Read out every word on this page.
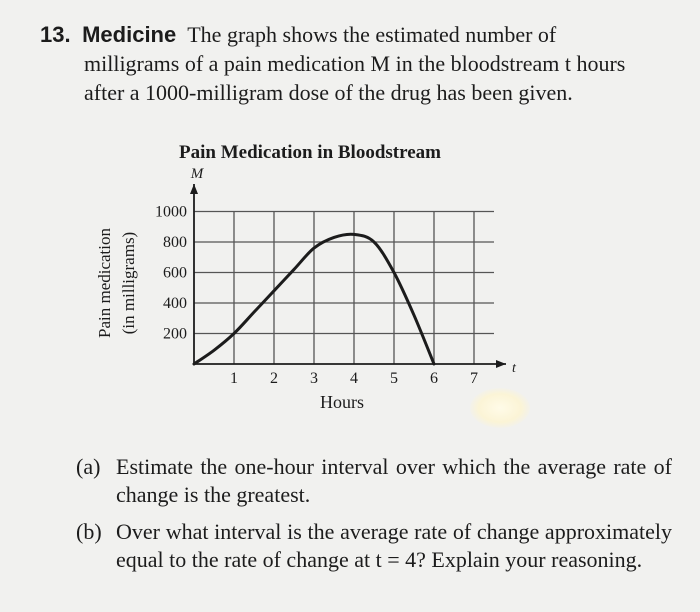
13. Medicine The graph shows the estimated number of
milligrams of a pain medication M in the bloodstream t hours
after a 1000-milligram dose of the drug has been given.
Pain Medication in Bloodstream
M
Pain medication (in milligrams)
Hours
t
1 2 3 4 5 6 7
200
400
600
800
1000
(a) Estimate the one-hour interval over which the average rate of change is the greatest.
(b) Over what interval is the average rate of change approximately equal to the rate of change at t = 4? Explain your reasoning.
